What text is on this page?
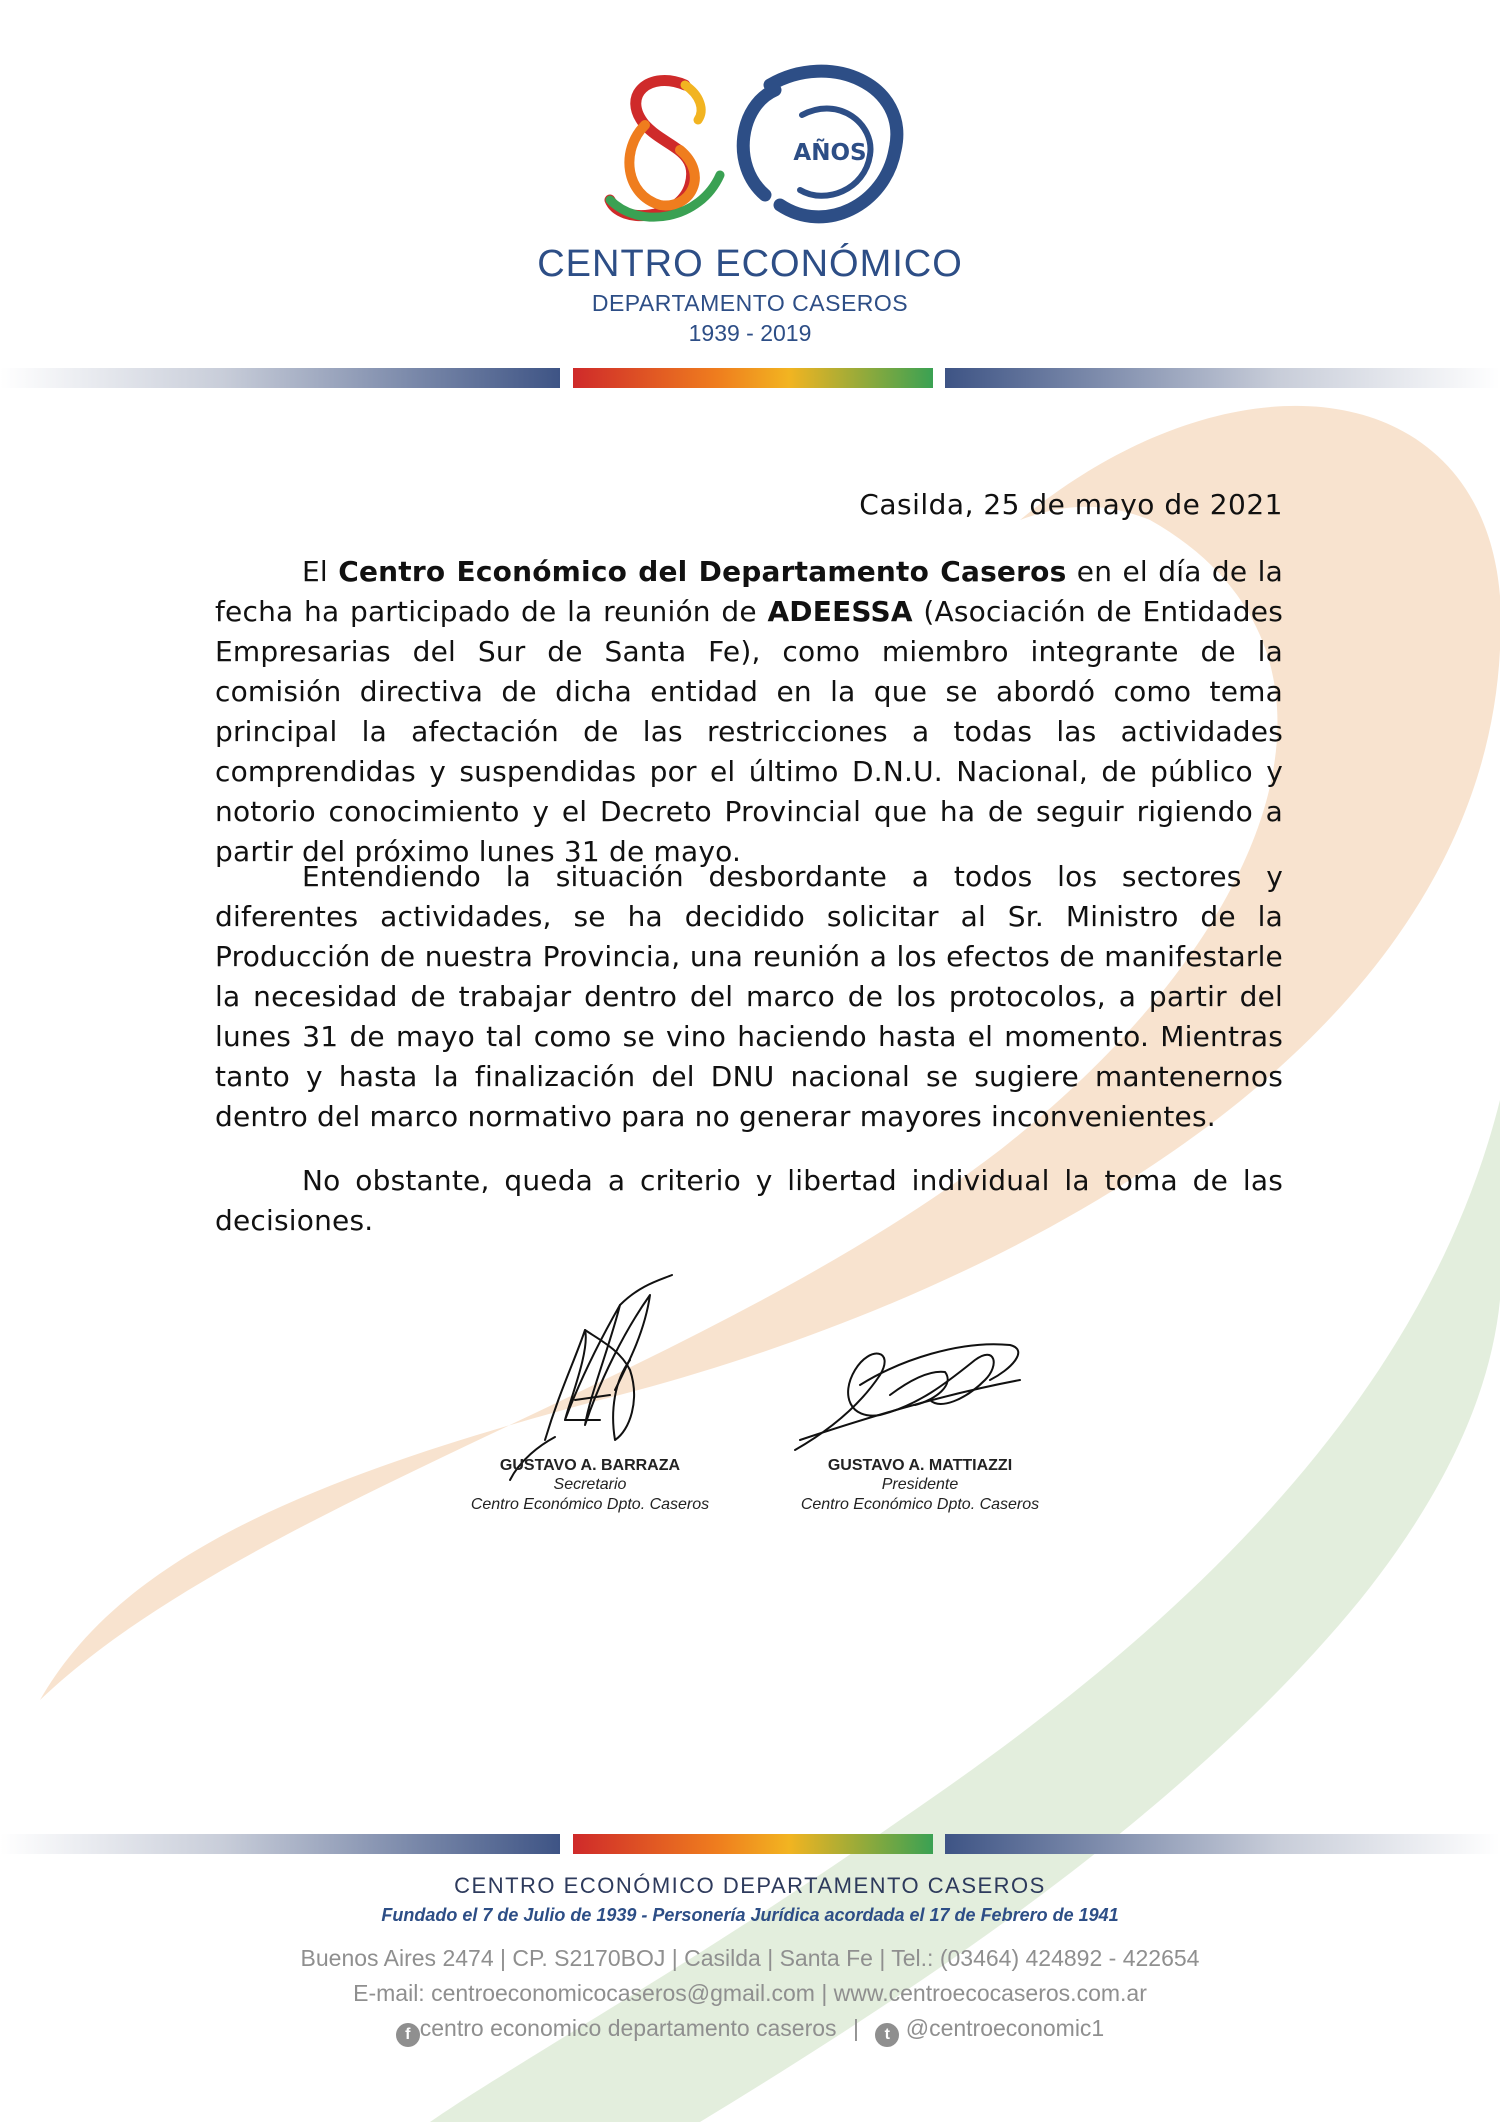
AÑOS
CENTRO ECONÓMICO
DEPARTAMENTO CASEROS
1939 - 2019
Casilda, 25 de mayo de 2021
El Centro Económico del Departamento Caseros en el día de la fecha ha participado de la reunión de ADEESSA (Asociación de Entidades Empresarias del Sur de Santa Fe), como miembro integrante de la comisión directiva de dicha entidad en la que se abordó como tema principal la afectación de las restricciones a todas las actividades comprendidas y suspendidas por el último D.N.U. Nacional, de público y notorio conocimiento y el Decreto Provincial que ha de seguir rigiendo a partir del próximo lunes 31 de mayo.
Entendiendo la situación desbordante a todos los sectores y diferentes actividades, se ha decidido solicitar al Sr. Ministro de la Producción de nuestra Provincia, una reunión a los efectos de manifestarle la necesidad de trabajar dentro del marco de los protocolos, a partir del lunes 31 de mayo tal como se vino haciendo hasta el momento. Mientras tanto y hasta la finalización del DNU nacional se sugiere mantenernos dentro del marco normativo para no generar mayores inconvenientes.
No obstante, queda a criterio y libertad individual la toma de las decisiones.
GUSTAVO A. BARRAZA
Secretario
Centro Económico Dpto. Caseros
GUSTAVO A. MATTIAZZI
Presidente
Centro Económico Dpto. Caseros
CENTRO ECONÓMICO DEPARTAMENTO CASEROS
Fundado el 7 de Julio de 1939 - Personería Jurídica acordada el 17 de Febrero de 1941
Buenos Aires 2474 | CP. S2170BOJ | Casilda | Santa Fe | Tel.: (03464) 424892 - 422654
E-mail: centroeconomicocaseros@gmail.com | www.centroecocaseros.com.ar
f centro economico departamento caseros | t @centroeconomic1
